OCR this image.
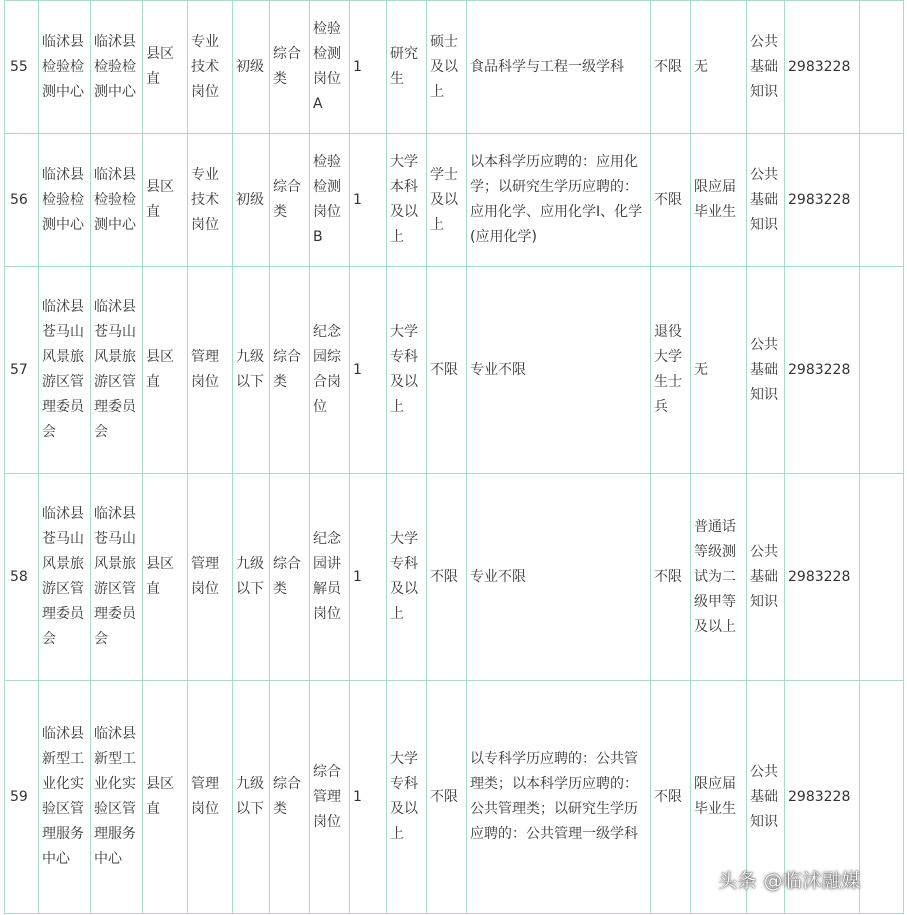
55	临沭县检验检测中心	临沭县检验检测中心	县区直	专业技术岗位	初级	综合类	检验检测岗位A	1	研究生	硕士及以上	食品科学与工程一级学科	不限	无	公共基础知识	2983228	
56	临沭县检验检测中心	临沭县检验检测中心	县区直	专业技术岗位	初级	综合类	检验检测岗位B	1	大学本科及以上	学士及以上	以本科学历应聘的：应用化学；以研究生学历应聘的：应用化学、应用化学Ⅰ、化学(应用化学)	不限	限应届毕业生	公共基础知识	2983228	
57	临沭县苍马山风景旅游区管理委员会	临沭县苍马山风景旅游区管理委员会	县区直	管理岗位	九级以下	综合类	纪念园综合岗位	1	大学专科及以上	不限	专业不限	退役大学生士兵	无	公共基础知识	2983228	
58	临沭县苍马山风景旅游区管理委员会	临沭县苍马山风景旅游区管理委员会	县区直	管理岗位	九级以下	综合类	纪念园讲解员岗位	1	大学专科及以上	不限	专业不限	不限	普通话等级测试为二级甲等及以上	公共基础知识	2983228	
59	临沭县新型工业化实验区管理服务中心	临沭县新型工业化实验区管理服务中心	县区直	管理岗位	九级以下	综合类	综合管理岗位	1	大学专科及以上	不限	以专科学历应聘的：公共管理类；以本科学历应聘的：公共管理类；以研究生学历应聘的：公共管理一级学科	不限	限应届毕业生	公共基础知识	2983228	
头条 @临沭融媒
